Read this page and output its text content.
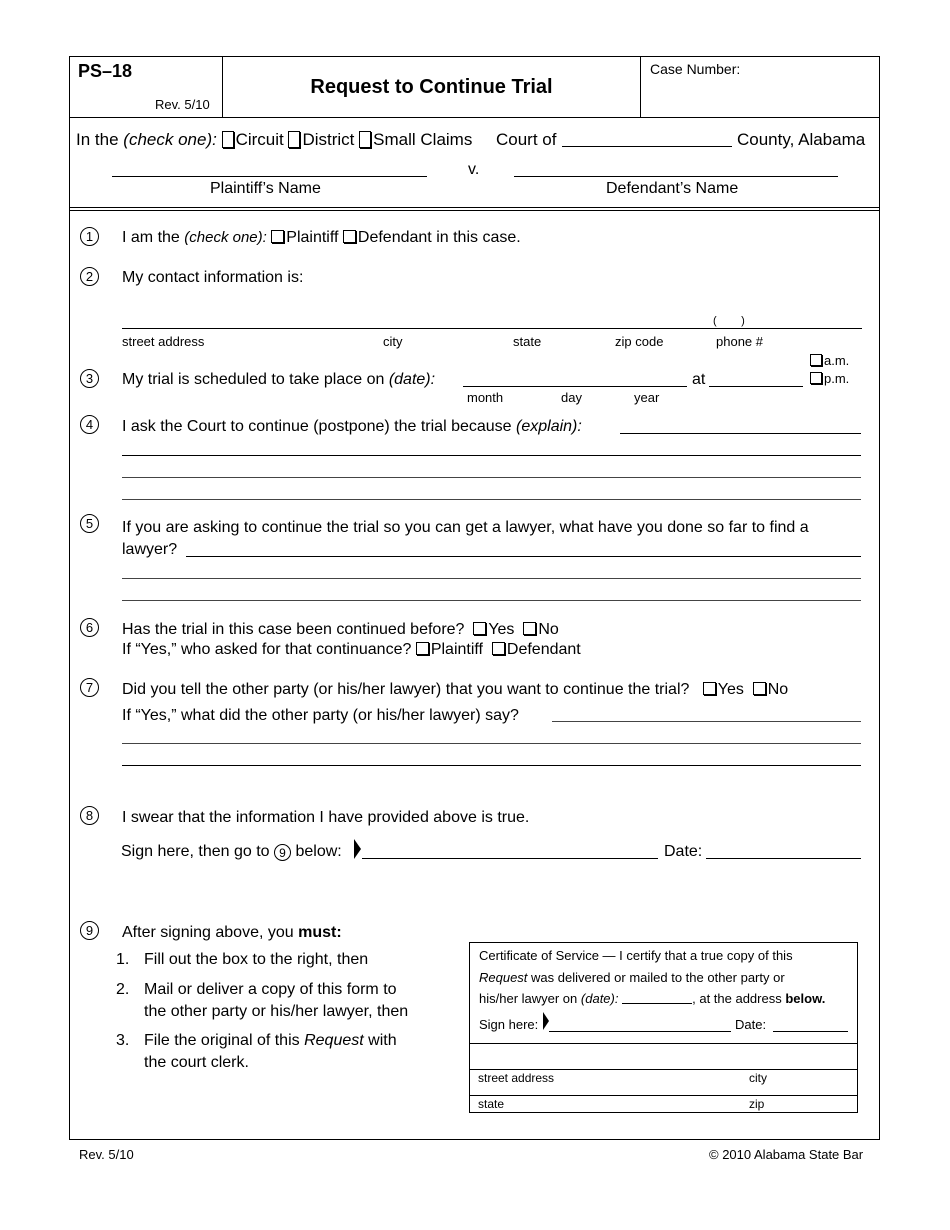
PS–18
Rev. 5/10
Request to Continue Trial
Case Number:
In the (check one): Circuit District Small Claims Court of	County, Alabama
v.
Plaintiff’s Name	Defendant’s Name
1	I am the (check one): Plaintiff Defendant in this case.
2	My contact information is:
(        )
street address	city	state	zip code	phone #
3	My trial is scheduled to take place on (date):	at
a.m.
p.m.
month	day	year
4	I ask the Court to continue (postpone) the trial because (explain):
5	If you are asking to continue the trial so you can get a lawyer, what have you done so far to find a
lawyer?
6	Has the trial in this case been continued before? Yes No
If “Yes,” who asked for that continuance? Plaintiff Defendant
7	Did you tell the other party (or his/her lawyer) that you want to continue the trial? Yes No
If “Yes,” what did the other party (or his/her lawyer) say?
8	I swear that the information I have provided above is true.
Sign here, then go to 9 below:	Date:
9	After signing above, you must:
1. Fill out the box to the right, then
2. Mail or deliver a copy of this form to
the other party or his/her lawyer, then
3. File the original of this Request with
the court clerk.
Certificate of Service — I certify that a true copy of this
Request was delivered or mailed to the other party or
his/her lawyer on (date):	, at the address below.
Sign here:	Date:
street address	city
state	zip
Rev. 5/10	© 2010 Alabama State Bar
